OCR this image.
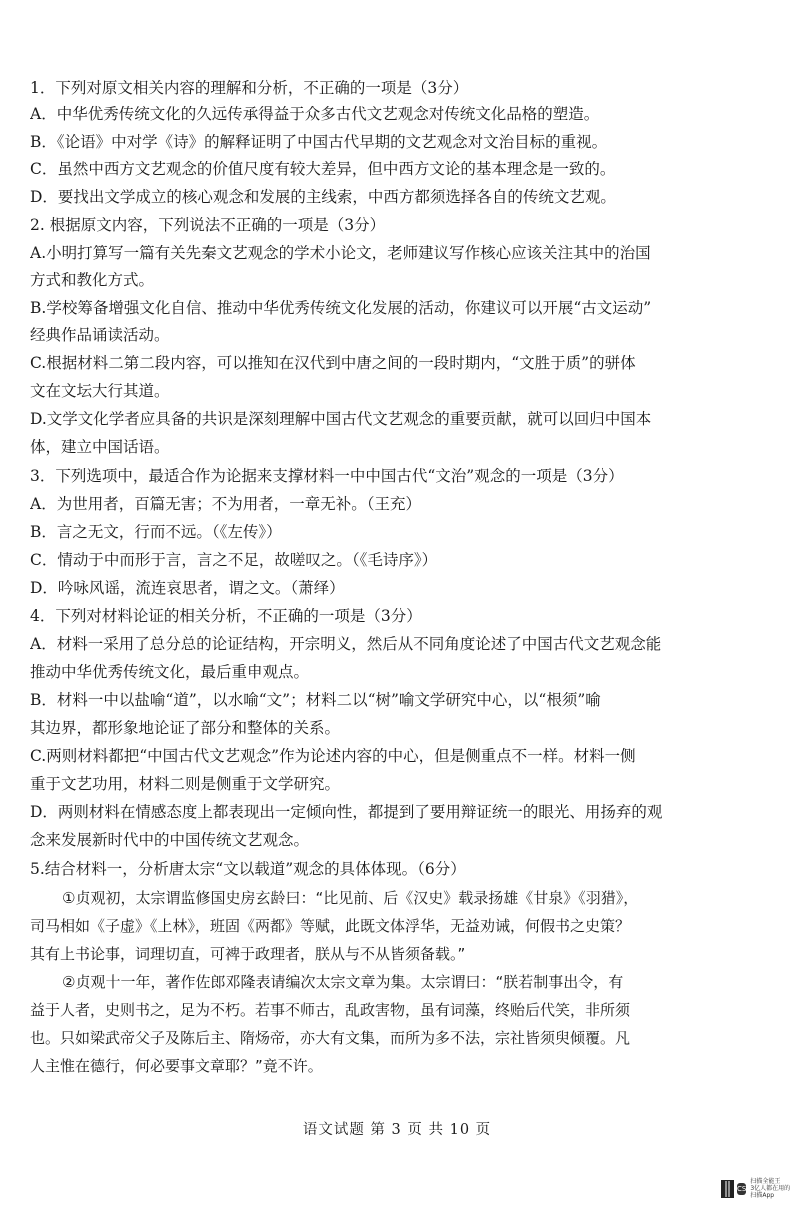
1．下列对原文相关内容的理解和分析，不正确的一项是（3分）
A．中华优秀传统文化的久远传承得益于众多古代文艺观念对传统文化品格的塑造。
B．《论语》中对学《诗》的解释证明了中国古代早期的文艺观念对文治目标的重视。
C．虽然中西方文艺观念的价值尺度有较大差异，但中西方文论的基本理念是一致的。
D．要找出文学成立的核心观念和发展的主线索，中西方都须选择各自的传统文艺观。
2. 根据原文内容，下列说法不正确的一项是（3分）
A.小明打算写一篇有关先秦文艺观念的学术小论文，老师建议写作核心应该关注其中的治国
方式和教化方式。
B.学校筹备增强文化自信、推动中华优秀传统文化发展的活动，你建议可以开展“古文运动”
经典作品诵读活动。
C.根据材料二第二段内容，可以推知在汉代到中唐之间的一段时期内，“文胜于质”的骈体
文在文坛大行其道。
D.文学文化学者应具备的共识是深刻理解中国古代文艺观念的重要贡献，就可以回归中国本
体，建立中国话语。
3．下列选项中，最适合作为论据来支撑材料一中中国古代“文治”观念的一项是（3分）
A．为世用者，百篇无害；不为用者，一章无补。（王充）
B．言之无文，行而不远。（《左传》）
C．情动于中而形于言，言之不足，故嗟叹之。（《毛诗序》）
D．吟咏风谣，流连哀思者，谓之文。（萧绎）
4．下列对材料论证的相关分析，不正确的一项是（3分）
A．材料一采用了总分总的论证结构，开宗明义，然后从不同角度论述了中国古代文艺观念能
推动中华优秀传统文化，最后重申观点。
B．材料一中以盐喻“道”，以水喻“文”；材料二以“树”喻文学研究中心，以“根须”喻
其边界，都形象地论证了部分和整体的关系。
C.两则材料都把“中国古代文艺观念”作为论述内容的中心，但是侧重点不一样。材料一侧
重于文艺功用，材料二则是侧重于文学研究。
D．两则材料在情感态度上都表现出一定倾向性，都提到了要用辩证统一的眼光、用扬弃的观
念来发展新时代中的中国传统文艺观念。
5.结合材料一，分析唐太宗“文以载道”观念的具体体现。（6分）
①贞观初，太宗谓监修国史房玄龄曰：“比见前、后《汉史》载录扬雄《甘泉》《羽猎》，
司马相如《子虚》《上林》，班固《两都》等赋，此既文体浮华，无益劝诫，何假书之史策？
其有上书论事，词理切直，可裨于政理者，朕从与不从皆须备载。”
②贞观十一年，著作佐郎邓隆表请编次太宗文章为集。太宗谓曰：“朕若制事出令，有
益于人者，史则书之，足为不朽。若事不师古，乱政害物，虽有词藻，终贻后代笑，非所须
也。只如梁武帝父子及陈后主、隋炀帝，亦大有文集，而所为多不法，宗社皆须臾倾覆。凡
人主惟在德行，何必要事文章耶？”竟不许。
语文试题 第 3 页 共 10 页
CS
扫描全能王
3亿人都在用的扫描App
